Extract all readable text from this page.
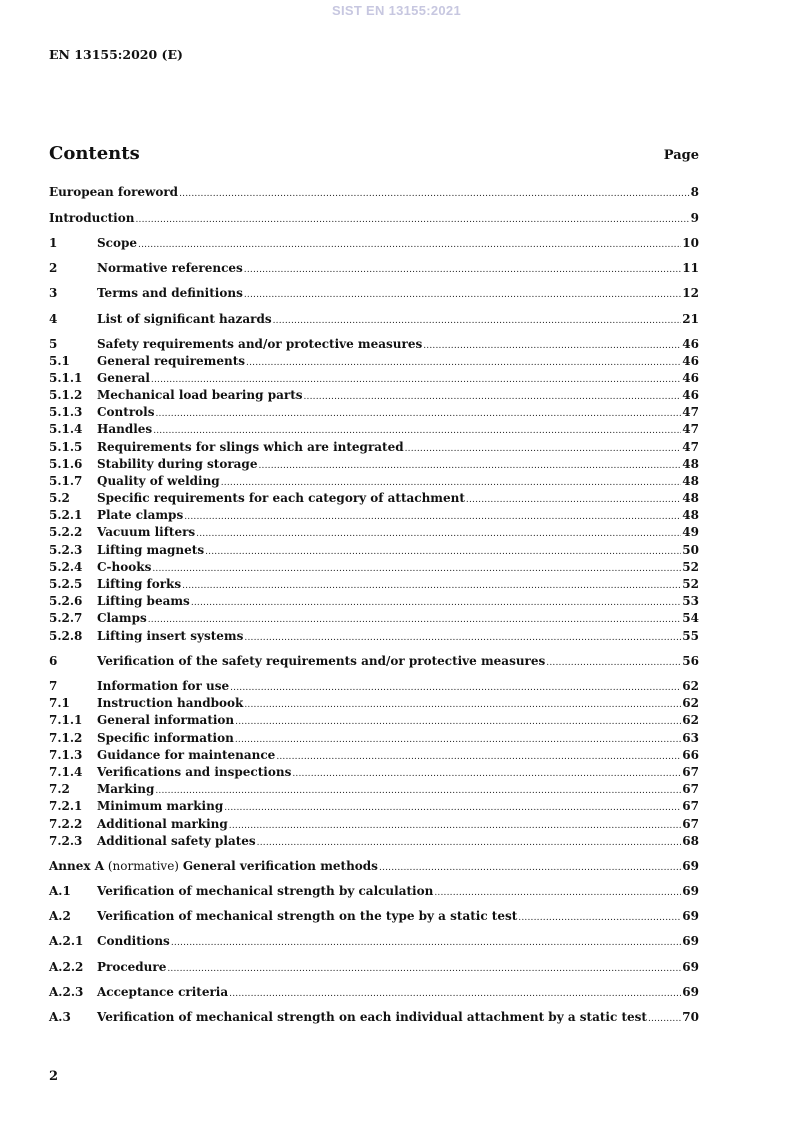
SIST EN 13155:2021
EN 13155:2020 (E)
Contents	Page
European foreword .....	8
Introduction .....	9
1	Scope .....	10
2	Normative references .....	11
3	Terms and definitions .....	12
4	List of significant hazards .....	21
5	Safety requirements and/or protective measures .....	46
5.1	General requirements .....	46
5.1.1	General .....	46
5.1.2	Mechanical load bearing parts .....	46
5.1.3	Controls .....	47
5.1.4	Handles .....	47
5.1.5	Requirements for slings which are integrated .....	47
5.1.6	Stability during storage .....	48
5.1.7	Quality of welding .....	48
5.2	Specific requirements for each category of attachment .....	48
5.2.1	Plate clamps .....	48
5.2.2	Vacuum lifters .....	49
5.2.3	Lifting magnets .....	50
5.2.4	C-hooks .....	52
5.2.5	Lifting forks .....	52
5.2.6	Lifting beams .....	53
5.2.7	Clamps .....	54
5.2.8	Lifting insert systems .....	55
6	Verification of the safety requirements and/or protective measures .....	56
7	Information for use .....	62
7.1	Instruction handbook .....	62
7.1.1	General information .....	62
7.1.2	Specific information .....	63
7.1.3	Guidance for maintenance .....	66
7.1.4	Verifications and inspections .....	67
7.2	Marking .....	67
7.2.1	Minimum marking .....	67
7.2.2	Additional marking .....	67
7.2.3	Additional safety plates .....	68
Annex A (normative) General verification methods .....	69
A.1	Verification of mechanical strength by calculation .....	69
A.2	Verification of mechanical strength on the type by a static test .....	69
A.2.1	Conditions .....	69
A.2.2	Procedure .....	69
A.2.3	Acceptance criteria .....	69
A.3	Verification of mechanical strength on each individual attachment by a static test .....	70
2
